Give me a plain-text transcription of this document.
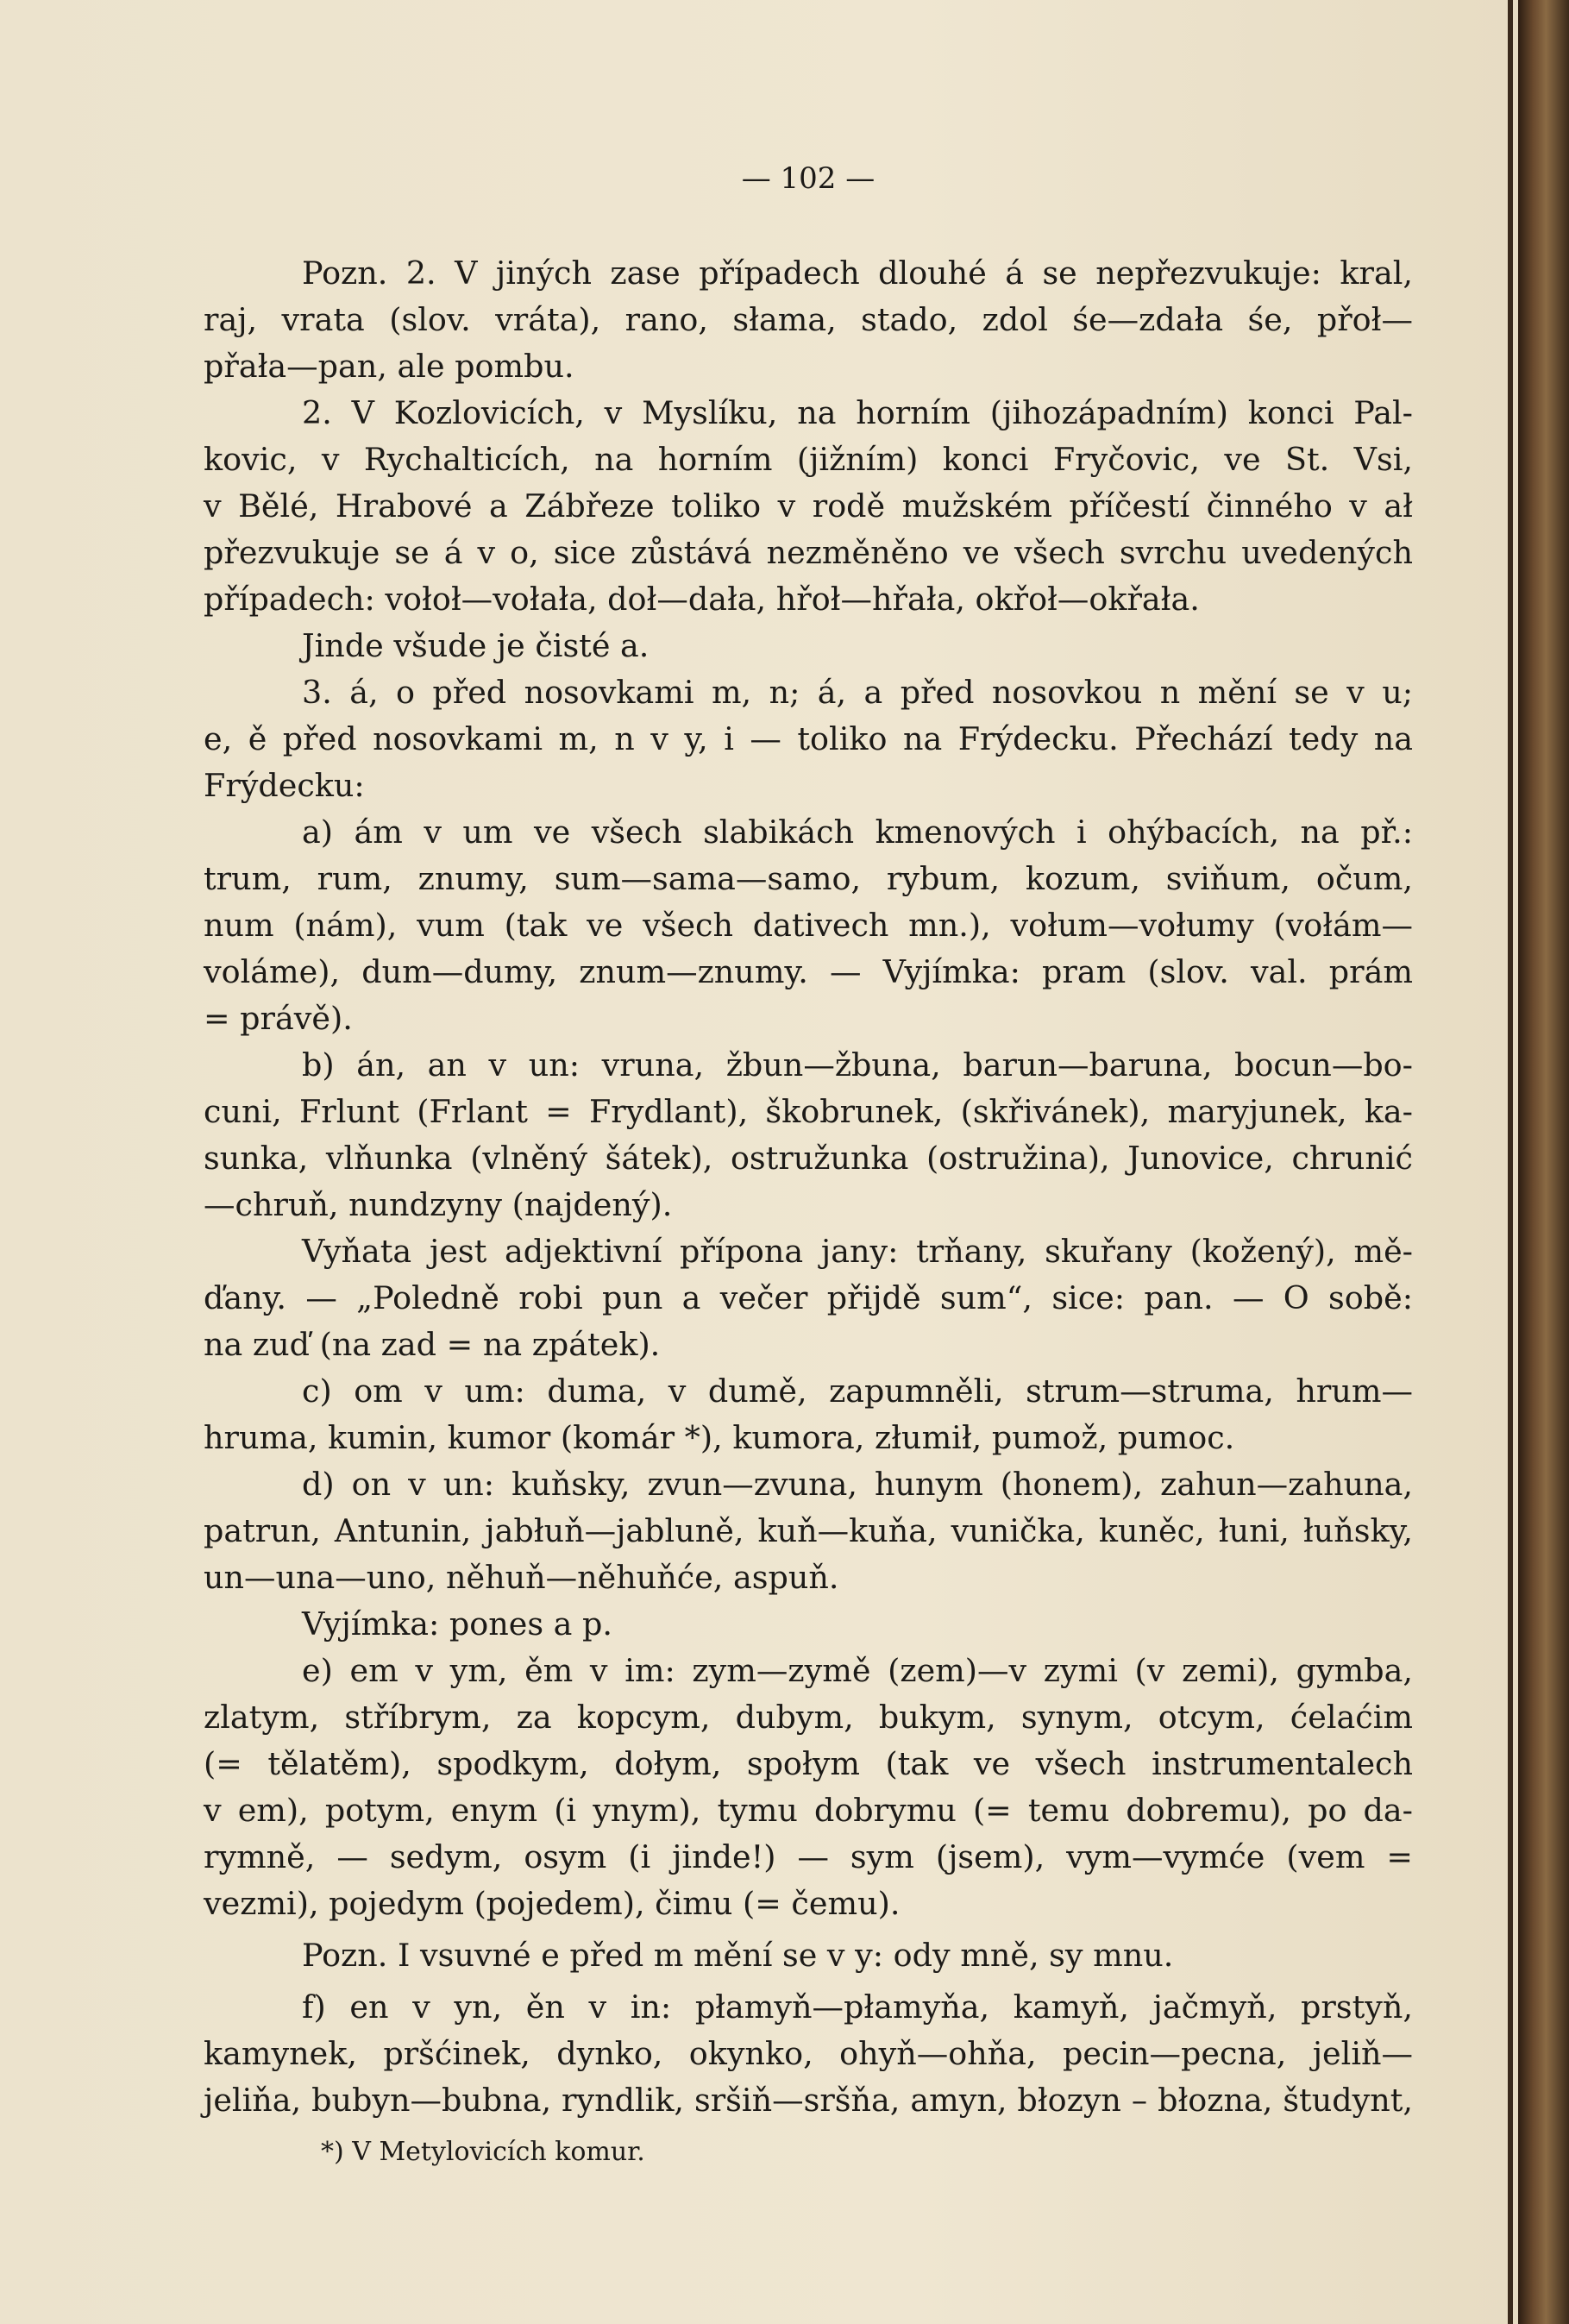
— 102 —
Pozn. 2. V jiných zase případech dlouhé á se nepřezvukuje: kral,
raj, vrata (slov. vráta), rano, słama, stado, zdol śe—zdała śe, přoł—
přała—pan, ale pombu.
2. V Kozlovicích, v Myslíku, na horním (jihozápadním) konci Pal-
kovic, v Rychalticích, na horním (jižním) konci Fryčovic, ve St. Vsi,
v Bělé, Hrabové a Zábřeze toliko v rodě mužském příčestí činného v ał
přezvukuje se á v o, sice zůstává nezměněno ve všech svrchu uvedených
případech: vołoł—vołała, doł—dała, hřoł—hřała, okřoł—okřała.
Jinde všude je čisté a.
3. á, o před nosovkami m, n; á, a před nosovkou n mění se v u;
e, ě před nosovkami m, n v y, i — toliko na Frýdecku. Přechází tedy na
Frýdecku:
a) ám v um ve všech slabikách kmenových i ohýbacích, na př.:
trum, rum, znumy, sum—sama—samo, rybum, kozum, sviňum, očum,
num (nám), vum (tak ve všech dativech mn.), vołum—vołumy (vołám—
voláme), dum—dumy, znum—znumy. — Vyjímka: pram (slov. val. prám
= právě).
b) án, an v un: vruna, žbun—žbuna, barun—baruna, bocun—bo-
cuni, Frlunt (Frlant = Frydlant), škobrunek, (skřivánek), maryjunek, ka-
sunka, vlňunka (vlněný šátek), ostružunka (ostružina), Junovice, chrunić
—chruň, nundzyny (najdený).
Vyňata jest adjektivní přípona jany: trňany, skuřany (kožený), mě-
ďany. — „Poledně robi pun a večer přijdě sum“, sice: pan. — O sobě:
na zuď (na zad = na zpátek).
c) om v um: duma, v dumě, zapumněli, strum—struma, hrum—
hruma, kumin, kumor (komár *), kumora, złumił, pumož, pumoc.
d) on v un: kuňsky, zvun—zvuna, hunym (honem), zahun—zahuna,
patrun, Antunin, jabłuň—jabluně, kuň—kuňa, vunička, kuněc, łuni, łuňsky,
un—una—uno, něhuň—něhuňće, aspuň.
Vyjímka: pones a p.
e) em v ym, ěm v im: zym—zymě (zem)—v zymi (v zemi), gymba,
zlatym, stříbrym, za kopcym, dubym, bukym, synym, otcym, ćelaćim
(= tělatěm), spodkym, dołym, społym (tak ve všech instrumentalech
v em), potym, enym (i ynym), tymu dobrymu (= temu dobremu), po da-
rymně, — sedym, osym (i jinde!) — sym (jsem), vym—vymće (vem =
vezmi), pojedym (pojedem), čimu (= čemu).
Pozn. I vsuvné e před m mění se v y: ody mně, sy mnu.
f) en v yn, ěn v in: płamyň—płamyňa, kamyň, jačmyň, prstyň,
kamynek, pršćinek, dynko, okynko, ohyň—ohňa, pecin—pecna, jeliň—
jeliňa, bubyn—bubna, ryndlik, sršiň—sršňa, amyn, błozyn – błozna, študynt,
*) V Metylovicích komur.
